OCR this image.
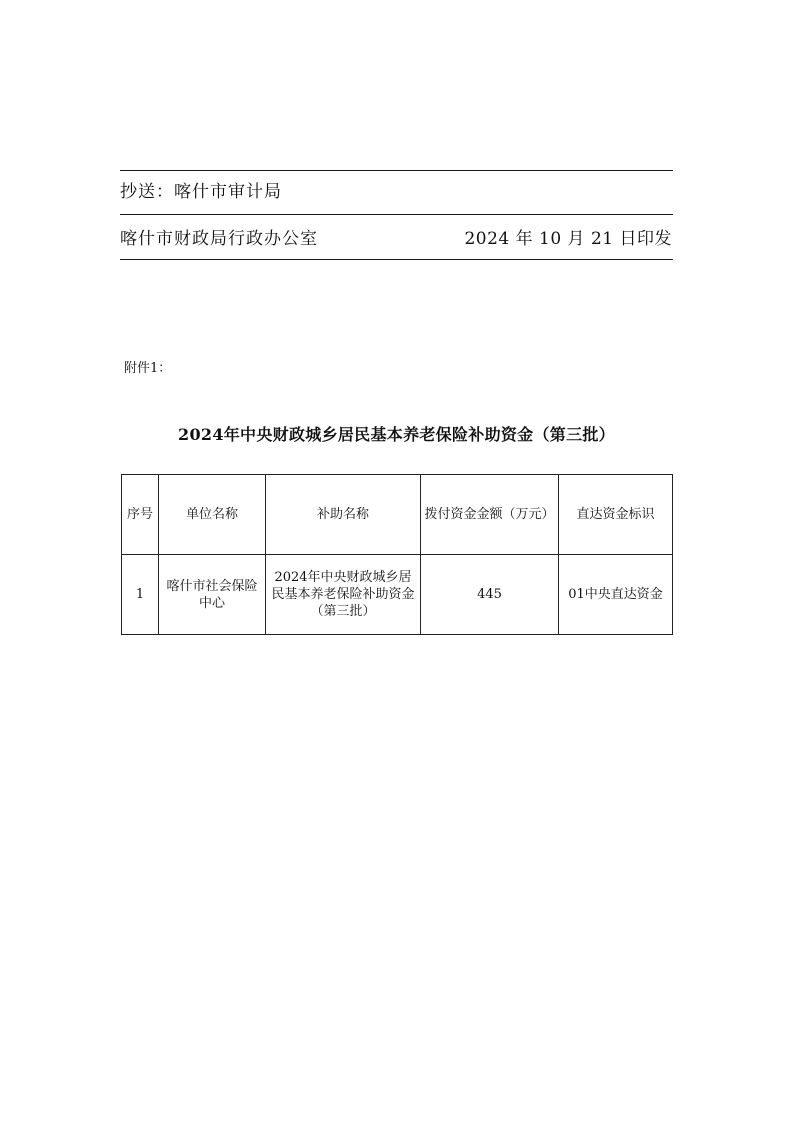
抄送：喀什市审计局
喀什市财政局行政办公室	2024 年 10 月 21 日印发
附件1：
2024年中央财政城乡居民基本养老保险补助资金（第三批）
序号	单位名称	补助名称	拨付资金金额（万元）	直达资金标识
1	喀什市社会保险中心	2024年中央财政城乡居民基本养老保险补助资金（第三批）	445	01中央直达资金
